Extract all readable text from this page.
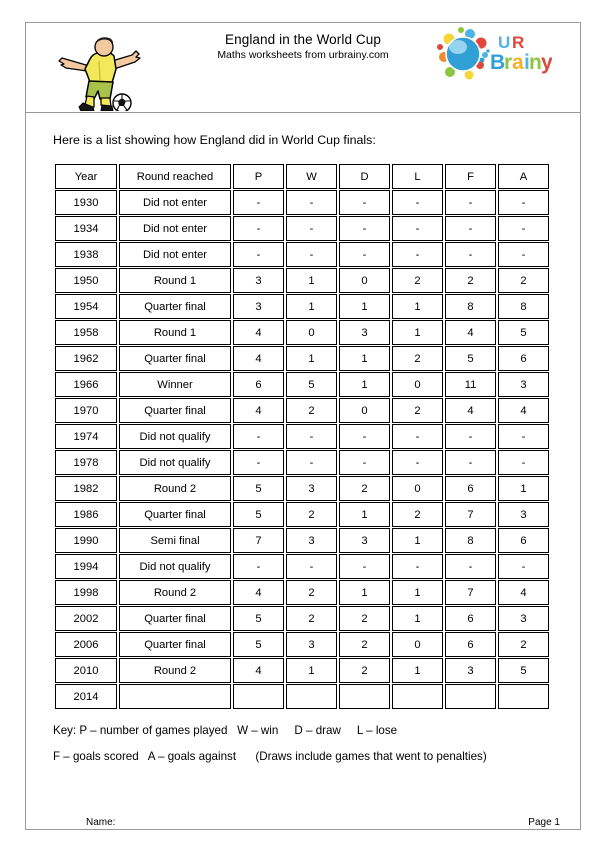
England in the World Cup
Maths worksheets from urbrainy.com
U R
B
r a i n y
Here is a list showing how England did in World Cup finals:
Year	Round reached	P	W	D	L	F	A
1930	Did not enter	-	-	-	-	-	-
1934	Did not enter	-	-	-	-	-	-
1938	Did not enter	-	-	-	-	-	-
1950	Round 1	3	1	0	2	2	2
1954	Quarter final	3	1	1	1	8	8
1958	Round 1	4	0	3	1	4	5
1962	Quarter final	4	1	1	2	5	6
1966	Winner	6	5	1	0	11	3
1970	Quarter final	4	2	0	2	4	4
1974	Did not qualify	-	-	-	-	-	-
1978	Did not qualify	-	-	-	-	-	-
1982	Round 2	5	3	2	0	6	1
1986	Quarter final	5	2	1	2	7	3
1990	Semi final	7	3	3	1	8	6
1994	Did not qualify	-	-	-	-	-	-
1998	Round 2	4	2	1	1	7	4
2002	Quarter final	5	2	2	1	6	3
2006	Quarter final	5	3	2	0	6	2
2010	Round 2	4	1	2	1	3	5
2014							
Key: P – number of games played   W – win     D – draw     L – lose
F – goals scored   A – goals against      (Draws include games that went to penalties)
Name:	Page 1
